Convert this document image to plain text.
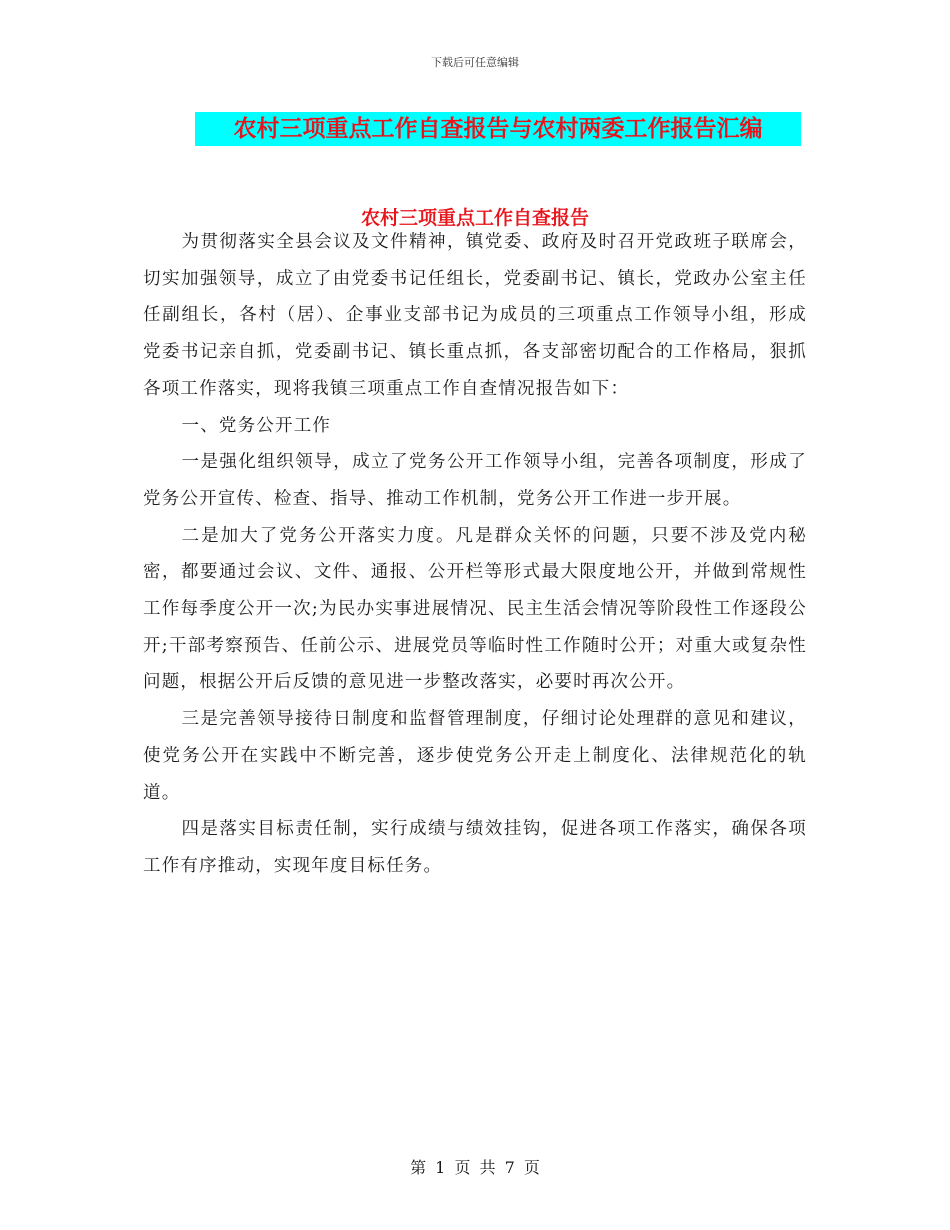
下载后可任意编辑
农村三项重点工作自查报告与农村两委工作报告汇编
农村三项重点工作自查报告

为贯彻落实全县会议及文件精神，镇党委、政府及时召开党政班子联席会，切实加强领导，成立了由党委书记任组长，党委副书记、镇长，党政办公室主任任副组长，各村（居）、企事业支部书记为成员的三项重点工作领导小组，形成党委书记亲自抓，党委副书记、镇长重点抓，各支部密切配合的工作格局，狠抓各项工作落实，现将我镇三项重点工作自查情况报告如下：

一、党务公开工作

一是强化组织领导，成立了党务公开工作领导小组，完善各项制度，形成了党务公开宣传、检查、指导、推动工作机制，党务公开工作进一步开展。

二是加大了党务公开落实力度。凡是群众关怀的问题，只要不涉及党内秘密，都要通过会议、文件、通报、公开栏等形式最大限度地公开，并做到常规性工作每季度公开一次;为民办实事进展情况、民主生活会情况等阶段性工作逐段公开;干部考察预告、任前公示、进展党员等临时性工作随时公开；对重大或复杂性问题，根据公开后反馈的意见进一步整改落实，必要时再次公开。

三是完善领导接待日制度和监督管理制度，仔细讨论处理群的意见和建议，使党务公开在实践中不断完善，逐步使党务公开走上制度化、法律规范化的轨道。

四是落实目标责任制，实行成绩与绩效挂钩，促进各项工作落实，确保各项工作有序推动，实现年度目标任务。

第 1 页 共 7 页
